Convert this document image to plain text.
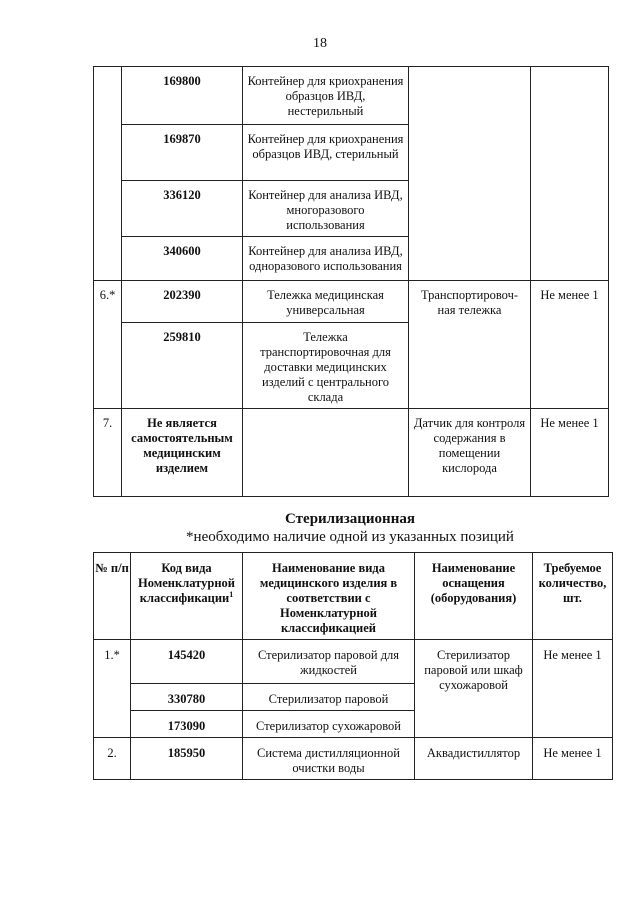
18
	169800	Контейнер для криохранения образцов ИВД, нестерильный		

	169870	Контейнер для криохранения образцов ИВД, стерильный		

	336120	Контейнер для анализа ИВД, многоразового использования		

	340600	Контейнер для анализа ИВД, одноразового использования		

6.*	202390	Тележка медицинская универсальная	Транспортировоч-ная тележка	Не менее 1
	259810	Тележка транспортировочная для доставки медицинских изделий с центрального склада		

7.	Не является самостоятельным медицинским изделием		Датчик для контроля содержания в помещении кислорода	Не менее 1
Стерилизационная
*необходимо наличие одной из указанных позиций
№ п/п	Код вида Номенклатурной классификации$^1$	Наименование вида медицинского изделия в соответствии с Номенклатурной классификацией	Наименование оснащения (оборудования)	Требуемое количество, шт.

1.*	145420	Стерилизатор паровой для жидкостей	Стерилизатор паровой или шкаф сухожаровой	Не менее 1
	330780	Стерилизатор паровой		
	173090	Стерилизатор сухожаровой		
2.	185950	Система дистилляционной очистки воды	Аквадистиллятор	Не менее 1
